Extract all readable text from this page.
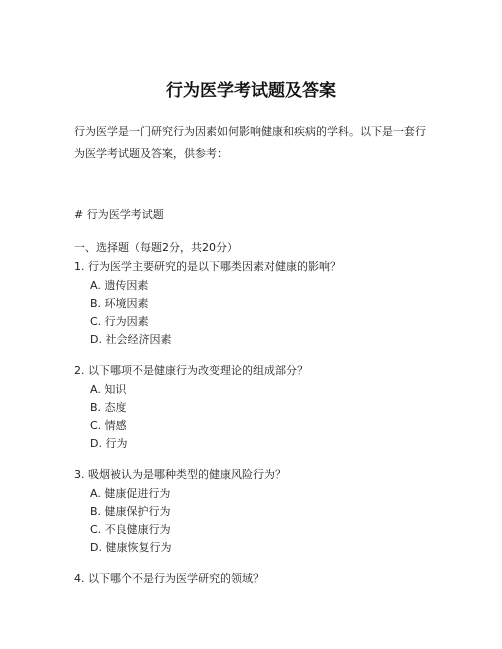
行为医学考试题及答案
行为医学是一门研究行为因素如何影响健康和疾病的学科。以下是一套行为医学考试题及答案，供参考：
# 行为医学考试题
一、选择题（每题2分，共20分）
1. 行为医学主要研究的是以下哪类因素对健康的影响？
A. 遗传因素
B. 环境因素
C. 行为因素
D. 社会经济因素
2. 以下哪项不是健康行为改变理论的组成部分？
A. 知识
B. 态度
C. 情感
D. 行为
3. 吸烟被认为是哪种类型的健康风险行为？
A. 健康促进行为
B. 健康保护行为
C. 不良健康行为
D. 健康恢复行为
4. 以下哪个不是行为医学研究的领域？
